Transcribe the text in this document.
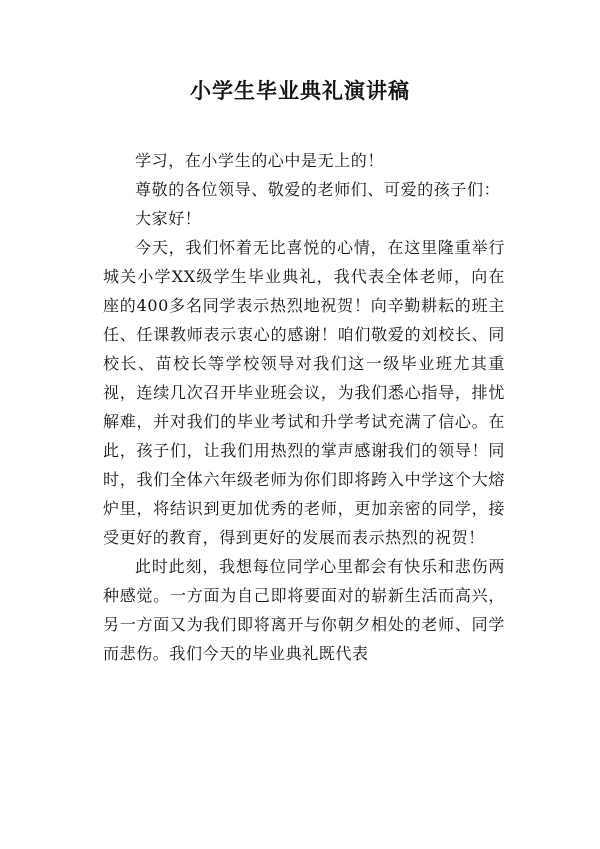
小学生毕业典礼演讲稿

学习，在小学生的心中是无上的！

尊敬的各位领导、敬爱的老师们、可爱的孩子们：

大家好！

今天，我们怀着无比喜悦的心情，在这里隆重举行城关小学XX级学生毕业典礼，我代表全体老师，向在座的400多名同学表示热烈地祝贺！向辛勤耕耘的班主任、任课教师表示衷心的感谢！咱们敬爱的刘校长、同校长、苗校长等学校领导对我们这一级毕业班尤其重视，连续几次召开毕业班会议，为我们悉心指导，排忧解难，并对我们的毕业考试和升学考试充满了信心。在此，孩子们，让我们用热烈的掌声感谢我们的领导！同时，我们全体六年级老师为你们即将跨入中学这个大熔炉里，将结识到更加优秀的老师，更加亲密的同学，接受更好的教育，得到更好的发展而表示热烈的祝贺！

此时此刻，我想每位同学心里都会有快乐和悲伤两种感觉。一方面为自己即将要面对的崭新生活而高兴，另一方面又为我们即将离开与你朝夕相处的老师、同学而悲伤。我们今天的毕业典礼既代表
